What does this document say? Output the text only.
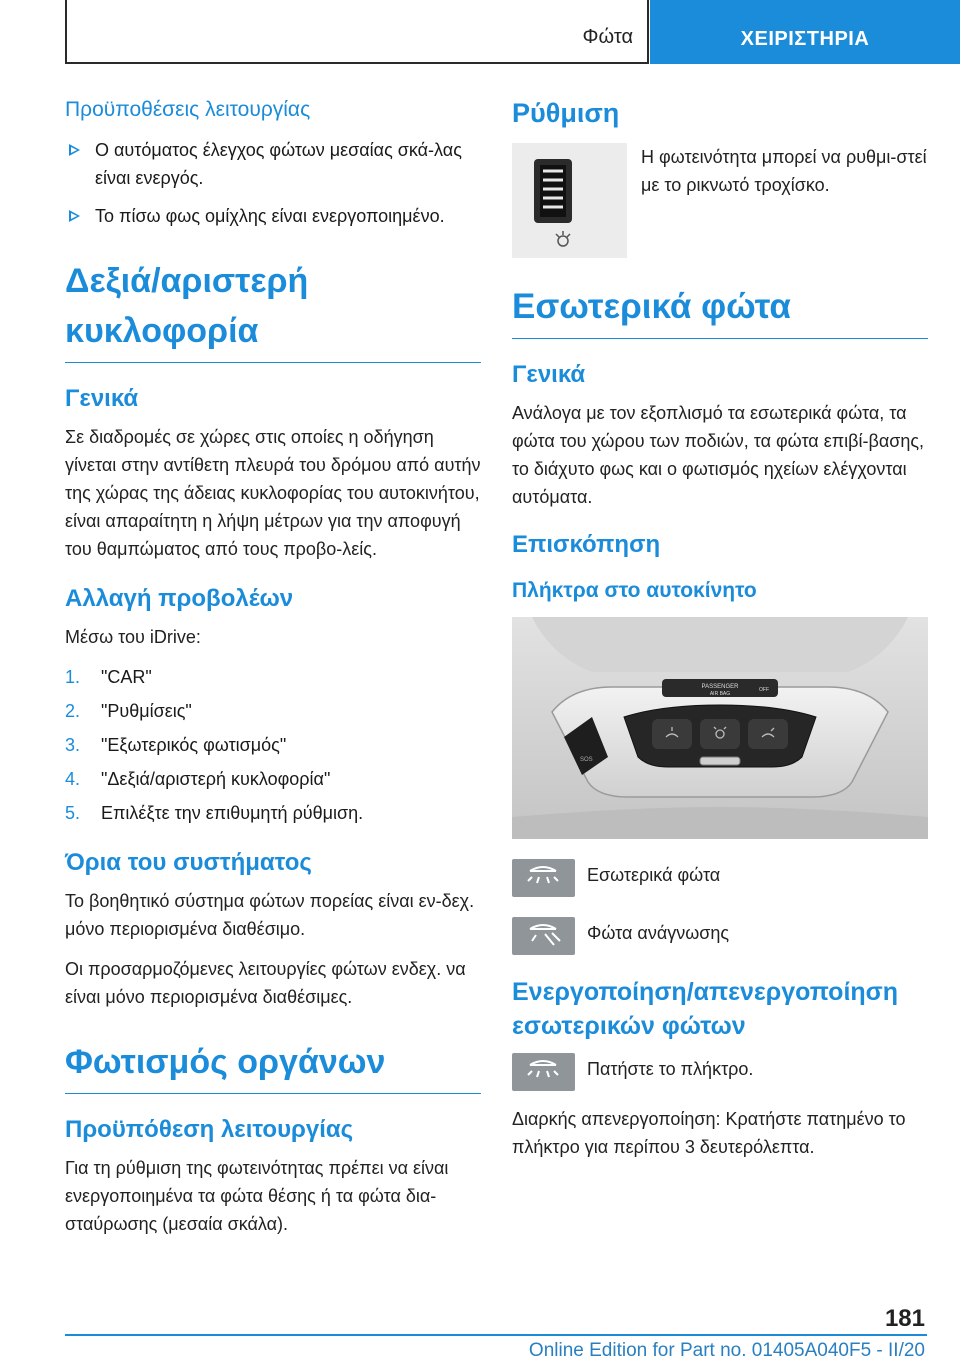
Φώτα	ΧΕΙΡΙΣΤΗΡΙΑ
Προϋποθέσεις λειτουργίας
Ο αυτόματος έλεγχος φώτων μεσαίας σκά-λας είναι ενεργός.
Το πίσω φως ομίχλης είναι ενεργοποιημένο.
Δεξιά/αριστερή κυκλοφορία
Γενικά
Σε διαδρομές σε χώρες στις οποίες η οδήγηση γίνεται στην αντίθετη πλευρά του δρόμου από αυτήν της χώρας της άδειας κυκλοφορίας του αυτοκινήτου, είναι απαραίτητη η λήψη μέτρων για την αποφυγή του θαμπώματος από τους προβο-λείς.
Αλλαγή προβολέων
Μέσω του iDrive:
1. "CAR"
2. "Ρυθμίσεις"
3. "Εξωτερικός φωτισμός"
4. "Δεξιά/αριστερή κυκλοφορία"
5. Επιλέξτε την επιθυμητή ρύθμιση.
Όρια του συστήματος
Το βοηθητικό σύστημα φώτων πορείας είναι εν-δεχ. μόνο περιορισμένα διαθέσιμο.
Οι προσαρμοζόμενες λειτουργίες φώτων ενδεχ. να είναι μόνο περιορισμένα διαθέσιμες.
Φωτισμός οργάνων
Προϋπόθεση λειτουργίας
Για τη ρύθμιση της φωτεινότητας πρέπει να είναι ενεργοποιημένα τα φώτα θέσης ή τα φώτα δια-σταύρωσης (μεσαία σκάλα).
Ρύθμιση
Η φωτεινότητα μπορεί να ρυθμι-στεί με το ρικνωτό τροχίσκο.
Εσωτερικά φώτα
Γενικά
Ανάλογα με τον εξοπλισμό τα εσωτερικά φώτα, τα φώτα του χώρου των ποδιών, τα φώτα επιβί-βασης, το διάχυτο φως και ο φωτισμός ηχείων ελέγχονται αυτόματα.
Επισκόπηση
Πλήκτρα στο αυτοκίνητο
PASSENGER
AIR BAG
OFF
SOS
Εσωτερικά φώτα
Φώτα ανάγνωσης
Ενεργοποίηση/απενεργοποίηση εσωτερικών φώτων
Πατήστε το πλήκτρο.
Διαρκής απενεργοποίηση: Κρατήστε πατημένο το πλήκτρο για περίπου 3 δευτερόλεπτα.
181
Online Edition for Part no. 01405A040F5 - II/20
